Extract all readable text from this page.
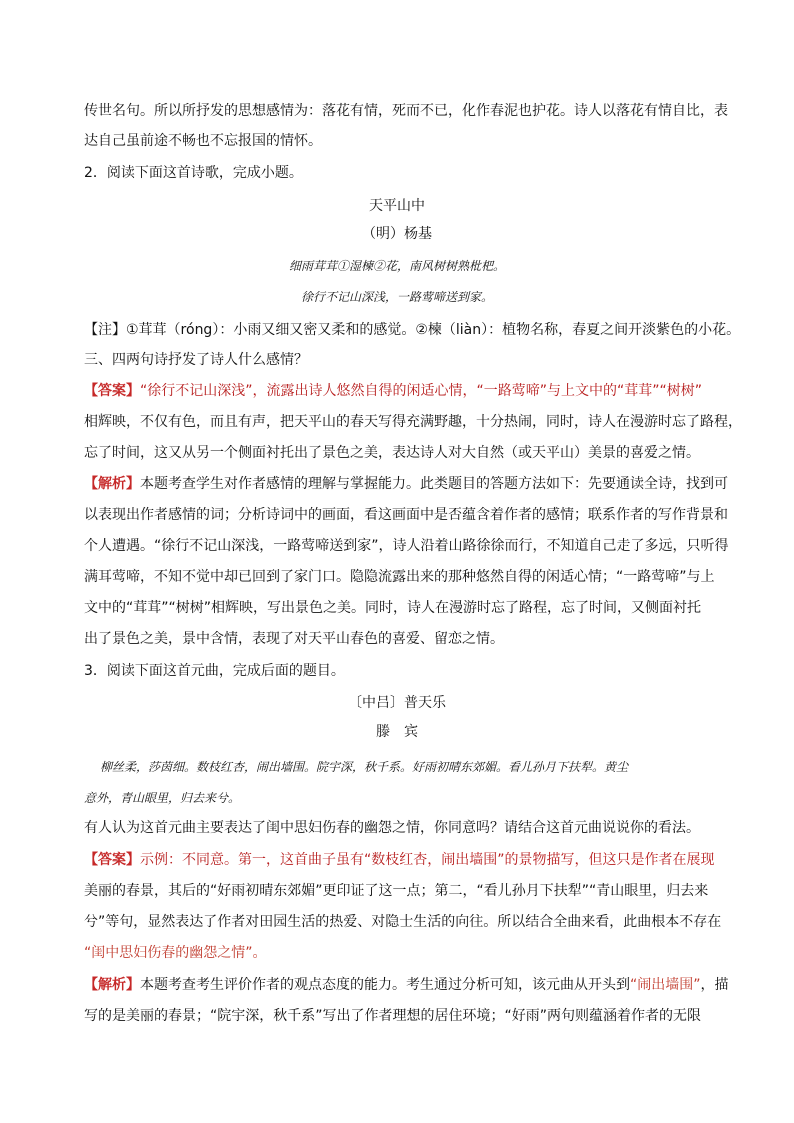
传世名句。所以所抒发的思想感情为：落花有情，死而不已，化作春泥也护花。诗人以落花有情自比，表
达自己虽前途不畅也不忘报国的情怀。
2．阅读下面这首诗歌，完成小题。
天平山中
（明）杨基
细雨茸茸①湿楝②花，南风树树熟枇杷。
徐行不记山深浅，一路莺啼送到家。
【注】①茸茸（róng）：小雨又细又密又柔和的感觉。②楝（liàn）：植物名称，春夏之间开淡紫色的小花。
三、四两句诗抒发了诗人什么感情？
【答案】“徐行不记山深浅”，流露出诗人悠然自得的闲适心情，“一路莺啼”与上文中的“茸茸”“树树”
相辉映，不仅有色，而且有声，把天平山的春天写得充满野趣，十分热闹，同时，诗人在漫游时忘了路程，
忘了时间，这又从另一个侧面衬托出了景色之美，表达诗人对大自然（或天平山）美景的喜爱之情。
【解析】本题考查学生对作者感情的理解与掌握能力。此类题目的答题方法如下：先要通读全诗，找到可
以表现出作者感情的词；分析诗词中的画面，看这画面中是否蕴含着作者的感情；联系作者的写作背景和
个人遭遇。“徐行不记山深浅，一路莺啼送到家”，诗人沿着山路徐徐而行，不知道自己走了多远，只听得
满耳莺啼，不知不觉中却已回到了家门口。隐隐流露出来的那种悠然自得的闲适心情；“一路莺啼”与上
文中的“茸茸”“树树”相辉映，写出景色之美。同时，诗人在漫游时忘了路程，忘了时间，又侧面衬托
出了景色之美，景中含情，表现了对天平山春色的喜爱、留恋之情。
3．阅读下面这首元曲，完成后面的题目。
〔中吕〕普天乐
滕　宾
柳丝柔，莎茵细。数枝红杏，闹出墙围。院宇深，秋千系。好雨初晴东郊媚。看儿孙月下扶犁。黄尘
意外，青山眼里，归去来兮。
有人认为这首元曲主要表达了闺中思妇伤春的幽怨之情，你同意吗？请结合这首元曲说说你的看法。
【答案】示例：不同意。第一，这首曲子虽有“数枝红杏，闹出墙围”的景物描写，但这只是作者在展现
美丽的春景，其后的“好雨初晴东郊媚”更印证了这一点；第二，“看儿孙月下扶犁”“青山眼里，归去来
兮”等句，显然表达了作者对田园生活的热爱、对隐士生活的向往。所以结合全曲来看，此曲根本不存在
“闺中思妇伤春的幽怨之情”。
【解析】本题考查考生评价作者的观点态度的能力。考生通过分析可知，该元曲从开头到“闹出墙围”，描
写的是美丽的春景；“院宇深，秋千系”写出了作者理想的居住环境；“好雨”两句则蕴涵着作者的无限
